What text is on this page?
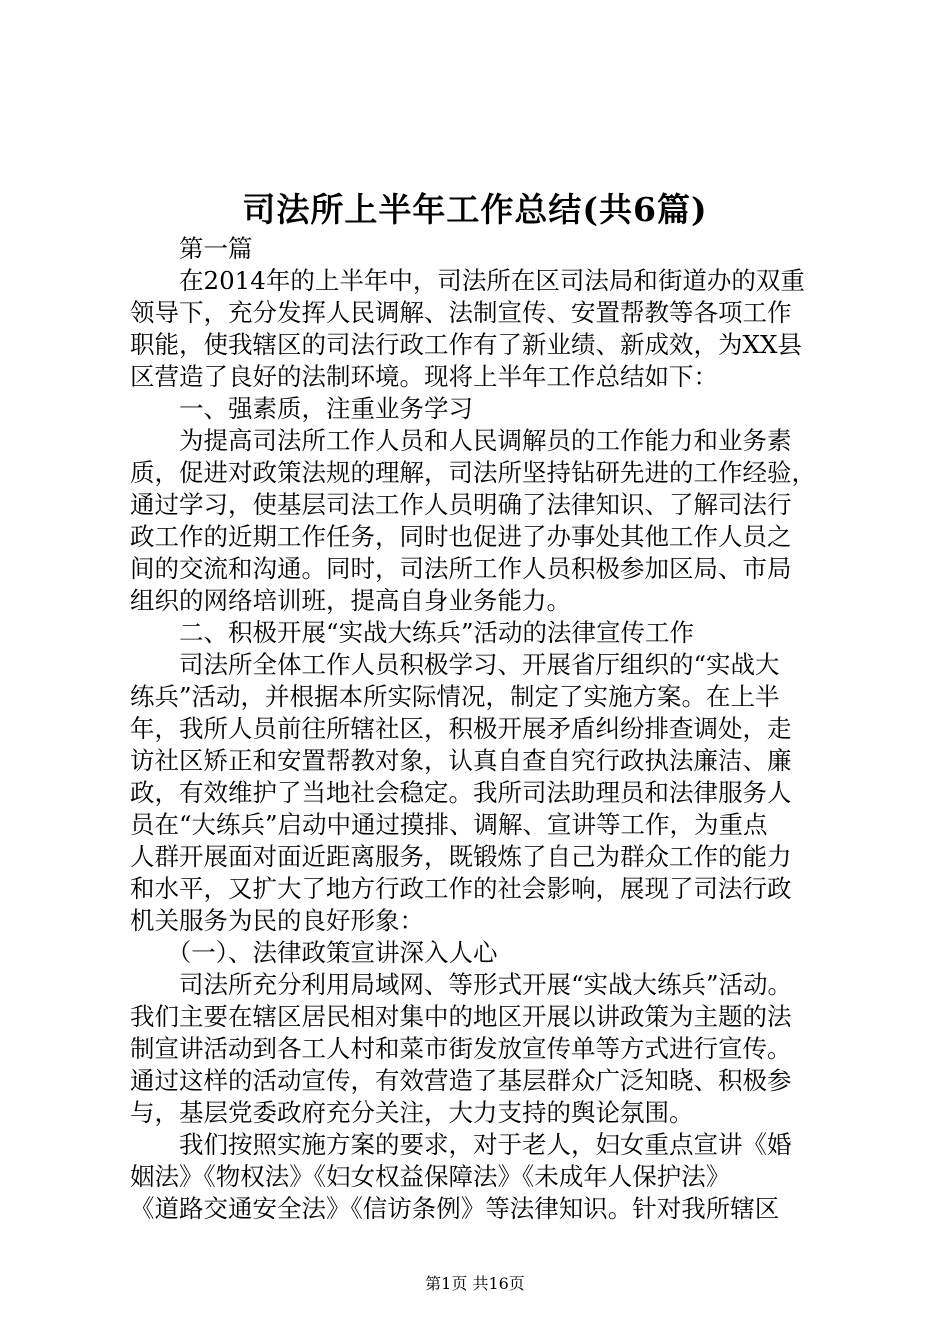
司法所上半年工作总结(共6篇)
　　第一篇
　　在2014年的上半年中，司法所在区司法局和街道办的双重
领导下，充分发挥人民调解、法制宣传、安置帮教等各项工作
职能，使我辖区的司法行政工作有了新业绩、新成效，为XX县
区营造了良好的法制环境。现将上半年工作总结如下：
　　一、强素质，注重业务学习
　　为提高司法所工作人员和人民调解员的工作能力和业务素
质，促进对政策法规的理解，司法所坚持钻研先进的工作经验，
通过学习，使基层司法工作人员明确了法律知识、了解司法行
政工作的近期工作任务，同时也促进了办事处其他工作人员之
间的交流和沟通。同时，司法所工作人员积极参加区局、市局
组织的网络培训班，提高自身业务能力。
　　二、积极开展“实战大练兵”活动的法律宣传工作
　　司法所全体工作人员积极学习、开展省厅组织的“实战大
练兵”活动，并根据本所实际情况，制定了实施方案。在上半
年，我所人员前往所辖社区，积极开展矛盾纠纷排查调处，走
访社区矫正和安置帮教对象，认真自查自究行政执法廉洁、廉
政，有效维护了当地社会稳定。我所司法助理员和法律服务人
员在“大练兵”启动中通过摸排、调解、宣讲等工作，为重点
人群开展面对面近距离服务，既锻炼了自己为群众工作的能力
和水平，又扩大了地方行政工作的社会影响，展现了司法行政
机关服务为民的良好形象：
　　（一）、法律政策宣讲深入人心
　　司法所充分利用局域网、等形式开展“实战大练兵”活动。
我们主要在辖区居民相对集中的地区开展以讲政策为主题的法
制宣讲活动到各工人村和菜市街发放宣传单等方式进行宣传。
通过这样的活动宣传，有效营造了基层群众广泛知晓、积极参
与，基层党委政府充分关注，大力支持的舆论氛围。
　　我们按照实施方案的要求，对于老人，妇女重点宣讲《婚
姻法》《物权法》《妇女权益保障法》《未成年人保护法》
《道路交通安全法》《信访条例》等法律知识。针对我所辖区
第1页 共16页
